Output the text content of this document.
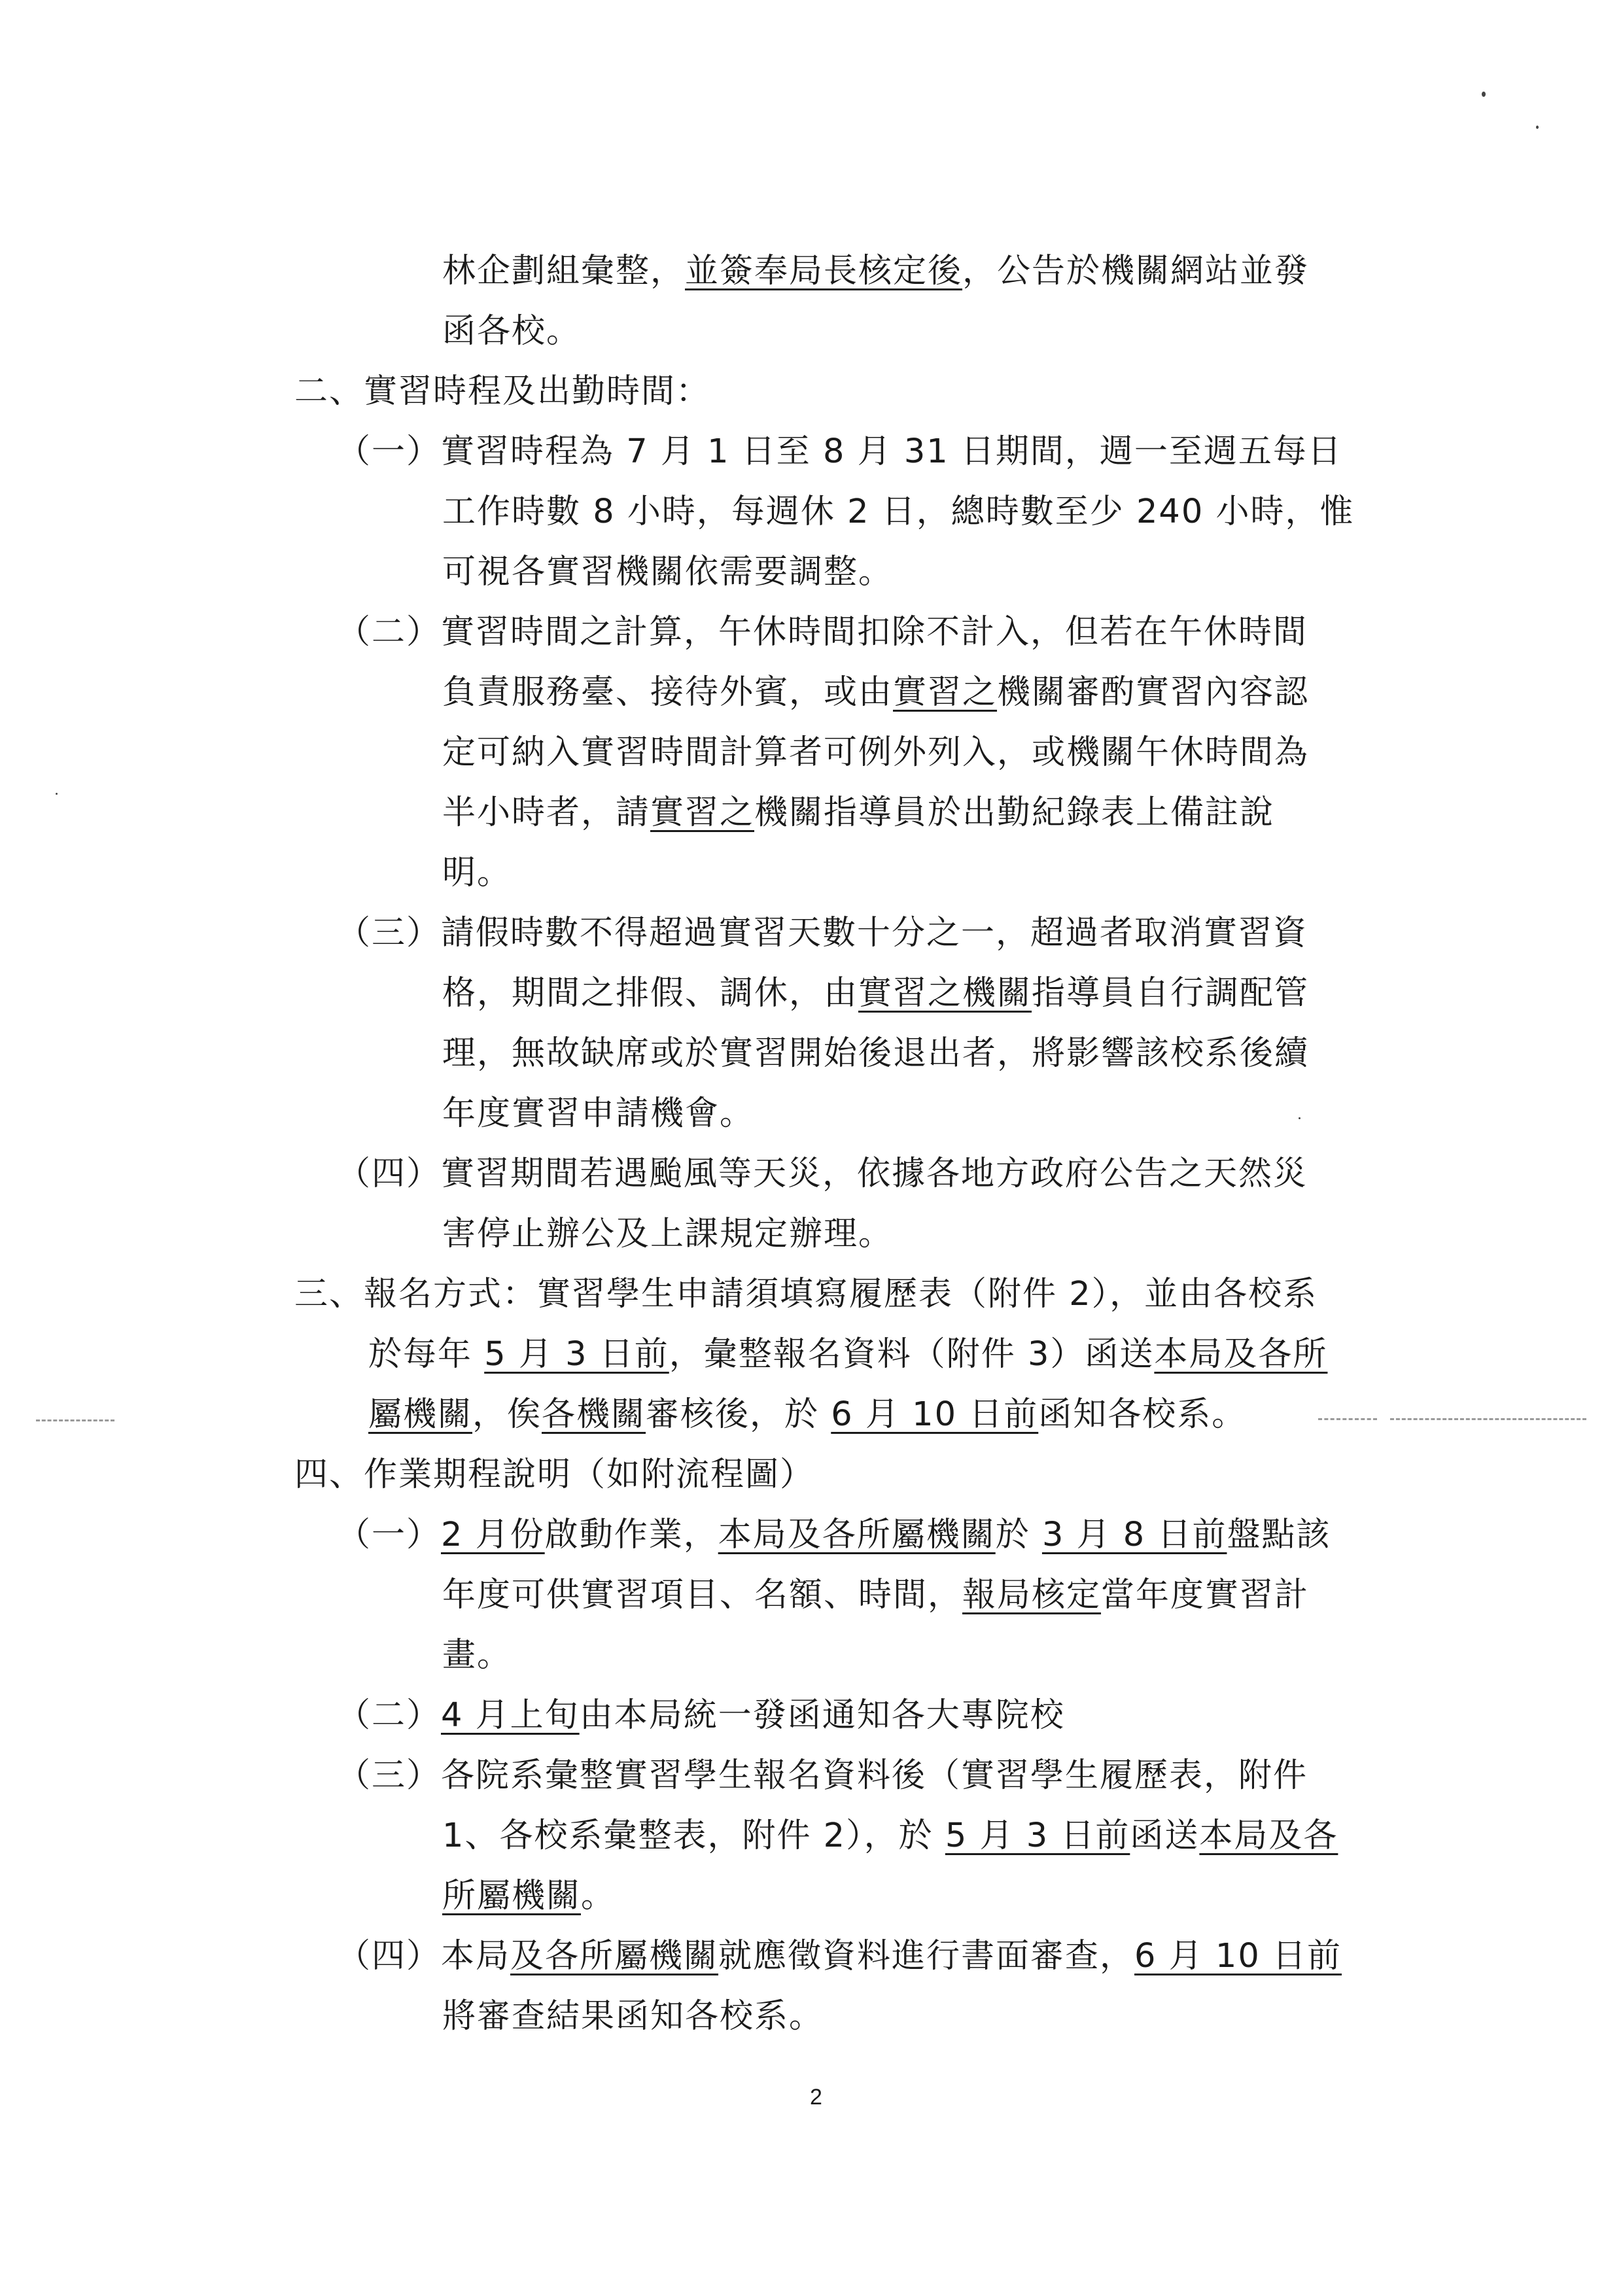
林企劃組彙整，並簽奉局長核定後，公告於機關網站並發
函各校。
二、實習時程及出勤時間：
（一）實習時程為 7 月 1 日至 8 月 31 日期間，週一至週五每日
工作時數 8 小時，每週休 2 日，總時數至少 240 小時，惟
可視各實習機關依需要調整。
（二）實習時間之計算，午休時間扣除不計入，但若在午休時間
負責服務臺、接待外賓，或由實習之機關審酌實習內容認
定可納入實習時間計算者可例外列入，或機關午休時間為
半小時者，請實習之機關指導員於出勤紀錄表上備註說
明。
（三）請假時數不得超過實習天數十分之一，超過者取消實習資
格，期間之排假、調休，由實習之機關指導員自行調配管
理，無故缺席或於實習開始後退出者，將影響該校系後續
年度實習申請機會。
（四）實習期間若遇颱風等天災，依據各地方政府公告之天然災
害停止辦公及上課規定辦理。
三、報名方式：實習學生申請須填寫履歷表（附件 2），並由各校系
於每年 5 月 3 日前，彙整報名資料（附件 3）函送本局及各所
屬機關，俟各機關審核後，於 6 月 10 日前函知各校系。
四、作業期程說明（如附流程圖）
（一）2 月份啟動作業，本局及各所屬機關於 3 月 8 日前盤點該
年度可供實習項目、名額、時間，報局核定當年度實習計
畫。
（二）4 月上旬由本局統一發函通知各大專院校
（三）各院系彙整實習學生報名資料後（實習學生履歷表，附件
1、各校系彙整表，附件 2），於 5 月 3 日前函送本局及各
所屬機關。
（四）本局及各所屬機關就應徵資料進行書面審查，6 月 10 日前
將審查結果函知各校系。
2
